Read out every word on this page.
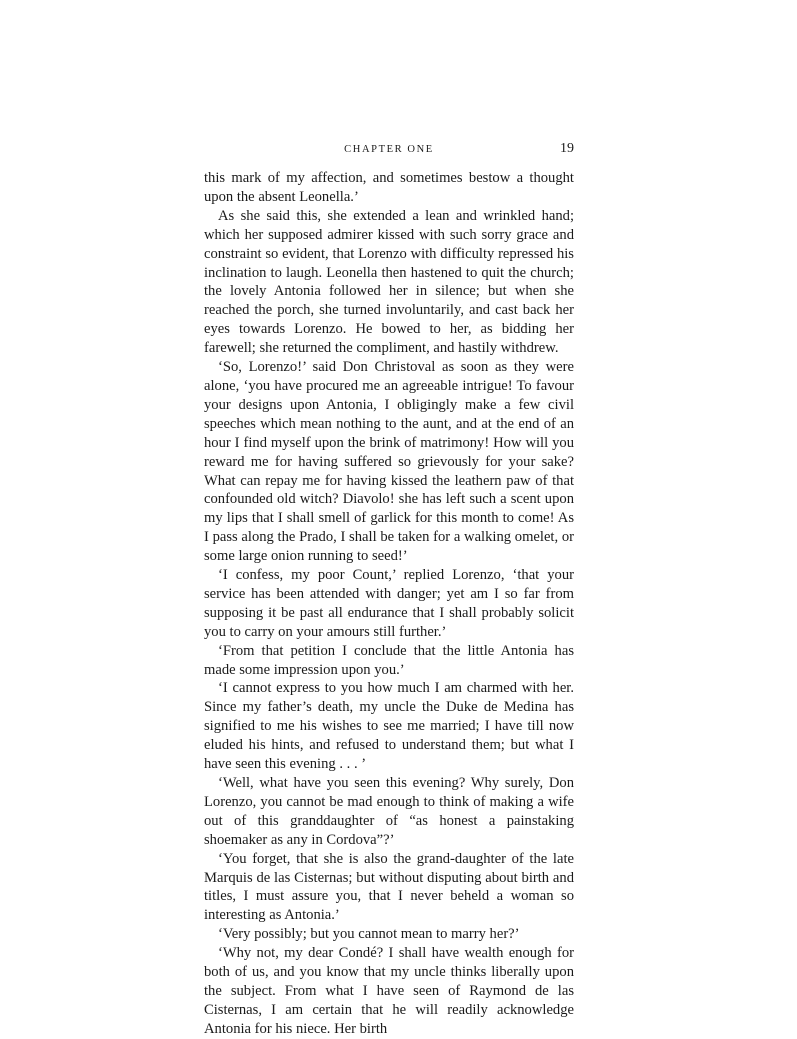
CHAPTER ONE	19

this mark of my affection, and sometimes bestow a thought upon the absent Leonella.’

As she said this, she extended a lean and wrinkled hand; which her supposed admirer kissed with such sorry grace and constraint so evident, that Lorenzo with difficulty repressed his inclination to laugh. Leonella then hastened to quit the church; the lovely Antonia followed her in silence; but when she reached the porch, she turned involuntarily, and cast back her eyes towards Lorenzo. He bowed to her, as bidding her farewell; she returned the compliment, and hastily withdrew.

‘So, Lorenzo!’ said Don Christoval as soon as they were alone, ‘you have procured me an agreeable intrigue! To favour your designs upon Antonia, I obligingly make a few civil speeches which mean nothing to the aunt, and at the end of an hour I find myself upon the brink of matrimony! How will you reward me for having suffered so grievously for your sake? What can repay me for having kissed the leathern paw of that confounded old witch? Diavolo! she has left such a scent upon my lips that I shall smell of garlick for this month to come! As I pass along the Prado, I shall be taken for a walking omelet, or some large onion running to seed!’

‘I confess, my poor Count,’ replied Lorenzo, ‘that your service has been attended with danger; yet am I so far from supposing it be past all endurance that I shall probably solicit you to carry on your amours still further.’

‘From that petition I conclude that the little Antonia has made some impression upon you.’

‘I cannot express to you how much I am charmed with her. Since my father’s death, my uncle the Duke de Medina has signified to me his wishes to see me married; I have till now eluded his hints, and refused to understand them; but what I have seen this evening . . . ’

‘Well, what have you seen this evening? Why surely, Don Lorenzo, you cannot be mad enough to think of making a wife out of this granddaughter of “as honest a painstaking shoemaker as any in Cordova”?’

‘You forget, that she is also the grand-daughter of the late Marquis de las Cisternas; but without disputing about birth and titles, I must assure you, that I never beheld a woman so interesting as Antonia.’

‘Very possibly; but you cannot mean to marry her?’

‘Why not, my dear Condé? I shall have wealth enough for both of us, and you know that my uncle thinks liberally upon the subject. From what I have seen of Raymond de las Cisternas, I am certain that he will readily acknowledge Antonia for his niece. Her birth
